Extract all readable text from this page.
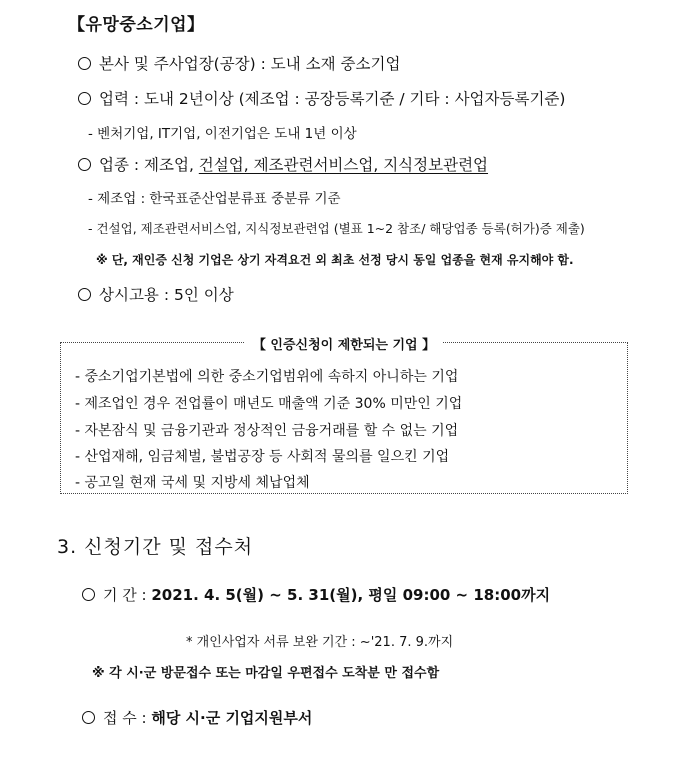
【유망중소기업】
본사 및 주사업장(공장) : 도내 소재 중소기업
업력 : 도내 2년이상 (제조업 : 공장등록기준 / 기타 : 사업자등록기준)
- 벤처기업, IT기업, 이전기업은 도내 1년 이상
업종 : 제조업, 건설업, 제조관련서비스업, 지식정보관련업
- 제조업 : 한국표준산업분류표 중분류 기준
- 건설업, 제조관련서비스업, 지식정보관련업 (별표 1~2 참조/ 해당업종 등록(허가)증 제출)
※ 단, 재인증 신청 기업은 상기 자격요건 외 최초 선정 당시 동일 업종을 현재 유지해야 함.
상시고용 : 5인 이상
【 인증신청이 제한되는 기업 】
- 중소기업기본법에 의한 중소기업범위에 속하지 아니하는 기업
- 제조업인 경우 전업률이 매년도 매출액 기준 30% 미만인 기업
- 자본잠식 및 금융기관과 정상적인 금융거래를 할 수 없는 기업
- 산업재해, 임금체벌, 불법공장 등 사회적 물의를 일으킨 기업
- 공고일 현재 국세 및 지방세 체납업체
3. 신청기간 및 접수처
기 간 : 2021. 4. 5(월) ~ 5. 31(월), 평일 09:00 ~ 18:00까지
* 개인사업자 서류 보완 기간 : ~'21. 7. 9.까지
※ 각 시·군 방문접수 또는 마감일 우편접수 도착분 만 접수함
접 수 : 해당 시·군 기업지원부서
